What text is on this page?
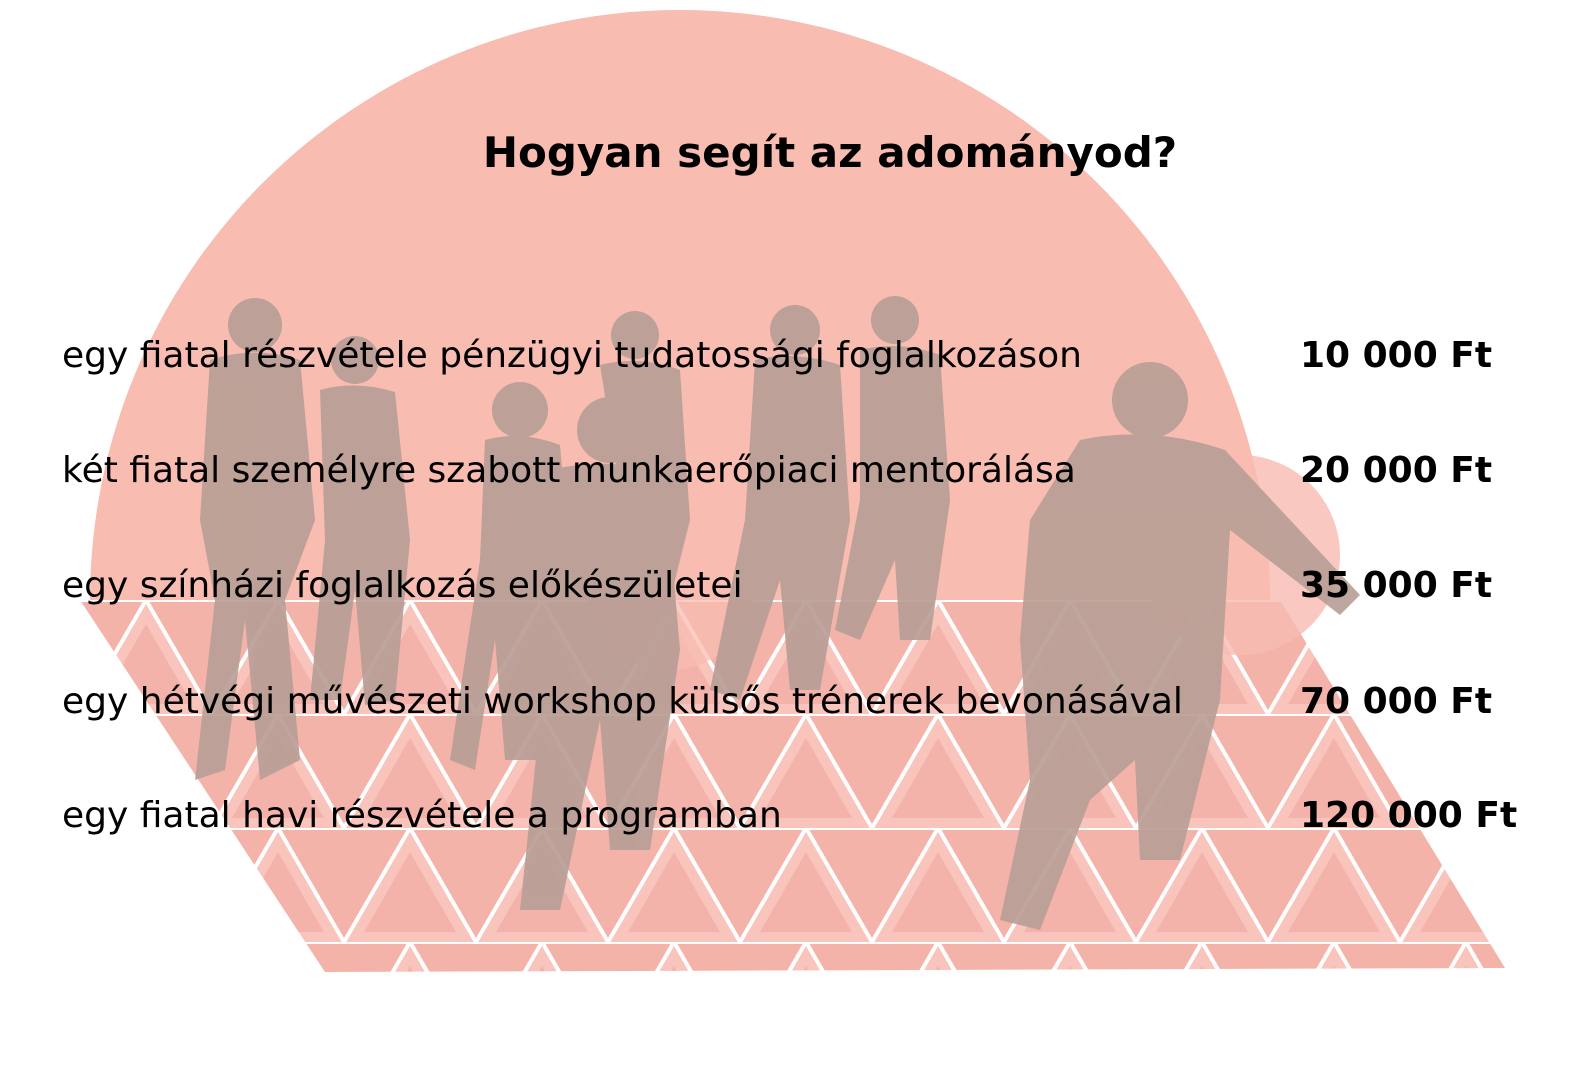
Hogyan segít az adományod?
egy fiatal részvétele pénzügyi tudatossági foglalkozáson	10 000 Ft
két fiatal személyre szabott munkaerőpiaci mentorálása	20 000 Ft
egy színházi foglalkozás előkészületei	35 000 Ft
egy hétvégi művészeti workshop külsős trénerek bevonásával	70 000 Ft
egy fiatal havi részvétele a programban	120 000 Ft
